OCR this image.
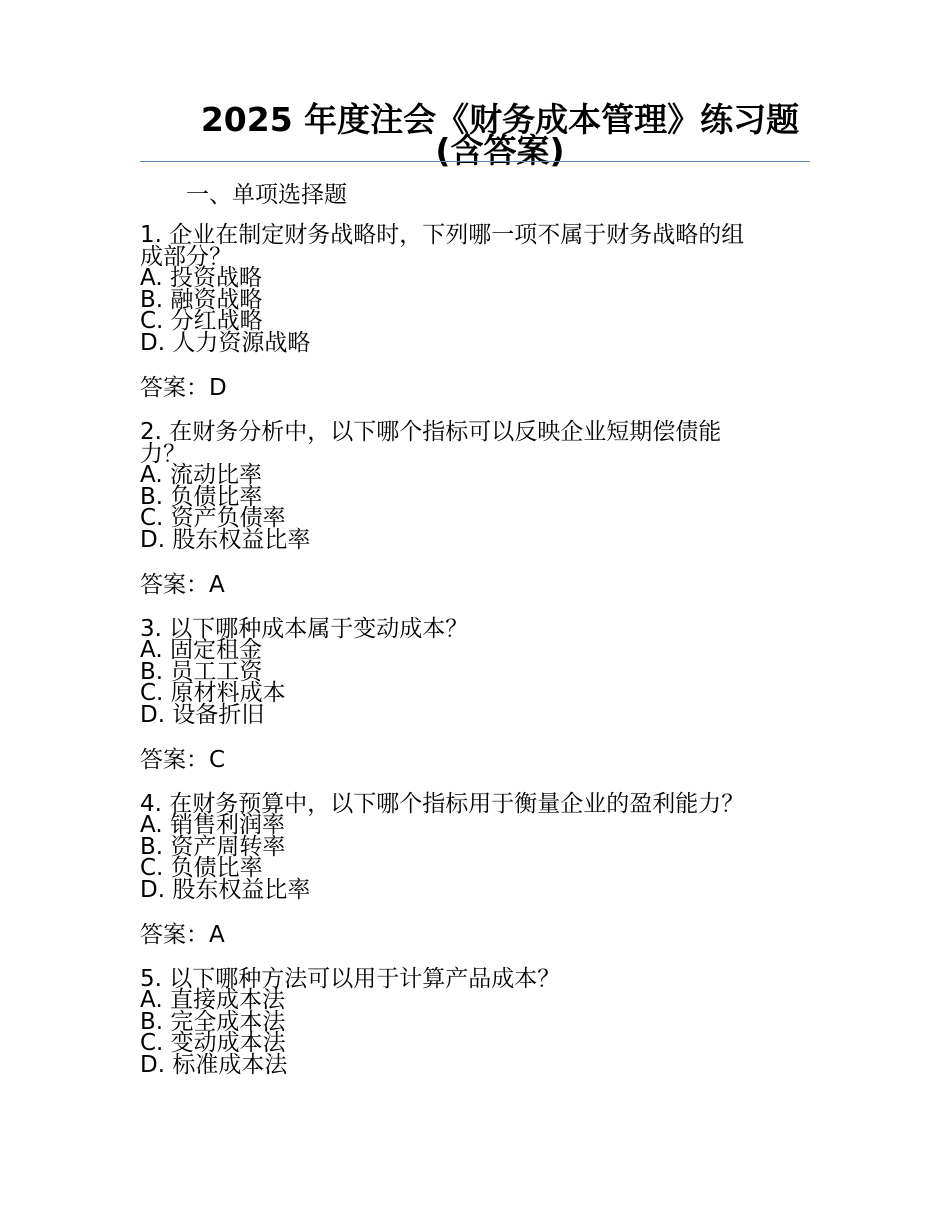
2025 年度注会《财务成本管理》练习题
(含答案)
一、单项选择题
1. 企业在制定财务战略时，下列哪一项不属于财务战略的组
成部分？
A. 投资战略
B. 融资战略
C. 分红战略
D. 人力资源战略
答案：D
2. 在财务分析中，以下哪个指标可以反映企业短期偿债能
力？
A. 流动比率
B. 负债比率
C. 资产负债率
D. 股东权益比率
答案：A
3. 以下哪种成本属于变动成本？
A. 固定租金
B. 员工工资
C. 原材料成本
D. 设备折旧
答案：C
4. 在财务预算中，以下哪个指标用于衡量企业的盈利能力？
A. 销售利润率
B. 资产周转率
C. 负债比率
D. 股东权益比率
答案：A
5. 以下哪种方法可以用于计算产品成本？
A. 直接成本法
B. 完全成本法
C. 变动成本法
D. 标准成本法
